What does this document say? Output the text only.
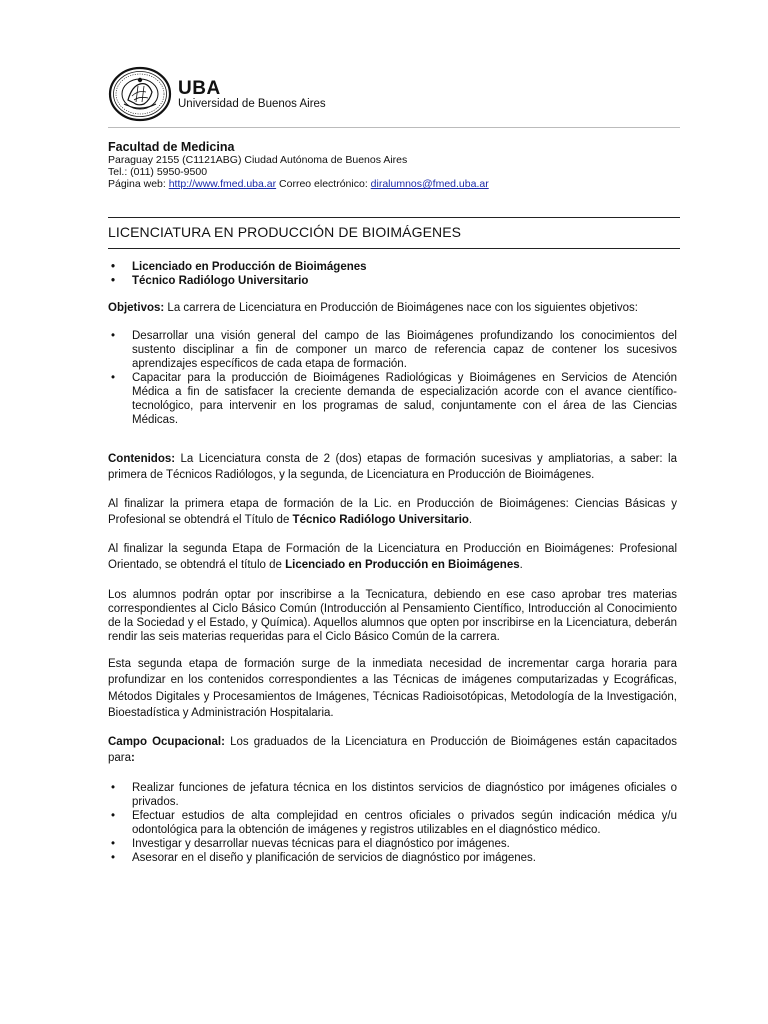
UBA
Universidad de Buenos Aires
Facultad de Medicina
Paraguay 2155 (C1121ABG) Ciudad Autónoma de Buenos Aires
Tel.: (011) 5950-9500
Página web: http://www.fmed.uba.ar Correo electrónico: diralumnos@fmed.uba.ar
LICENCIATURA EN PRODUCCIÓN DE BIOIMÁGENES
• Licenciado en Producción de Bioimágenes
• Técnico Radiólogo Universitario

Objetivos: La carrera de Licenciatura en Producción de Bioimágenes nace con los siguientes objetivos:

• Desarrollar una visión general del campo de las Bioimágenes profundizando los conocimientos del sustento disciplinar a fin de componer un marco de referencia capaz de contener los sucesivos aprendizajes específicos de cada etapa de formación.
• Capacitar para la producción de Bioimágenes Radiológicas y Bioimágenes en Servicios de Atención Médica a fin de satisfacer la creciente demanda de especialización acorde con el avance científico-tecnológico, para intervenir en los programas de salud, conjuntamente con el área de las Ciencias Médicas.

Contenidos: La Licenciatura consta de 2 (dos) etapas de formación sucesivas y ampliatorias, a saber: la primera de Técnicos Radiólogos, y la segunda, de Licenciatura en Producción de Bioimágenes.

Al finalizar la primera etapa de formación de la Lic. en Producción de Bioimágenes: Ciencias Básicas y Profesional se obtendrá el Título de Técnico Radiólogo Universitario.

Al finalizar la segunda Etapa de Formación de la Licenciatura en Producción en Bioimágenes: Profesional Orientado, se obtendrá el título de Licenciado en Producción en Bioimágenes.

Los alumnos podrán optar por inscribirse a la Tecnicatura, debiendo en ese caso aprobar tres materias correspondientes al Ciclo Básico Común (Introducción al Pensamiento Científico, Introducción al Conocimiento de la Sociedad y el Estado, y Química). Aquellos alumnos que opten por inscribirse en la Licenciatura, deberán rendir las seis materias requeridas para el Ciclo Básico Común de la carrera.

Esta segunda etapa de formación surge de la inmediata necesidad de incrementar carga horaria para profundizar en los contenidos correspondientes a las Técnicas de imágenes computarizadas y Ecográficas, Métodos Digitales y Procesamientos de Imágenes, Técnicas Radioisotópicas, Metodología de la Investigación, Bioestadística y Administración Hospitalaria.

Campo Ocupacional: Los graduados de la Licenciatura en Producción de Bioimágenes están capacitados para:

• Realizar funciones de jefatura técnica en los distintos servicios de diagnóstico por imágenes oficiales o privados.
• Efectuar estudios de alta complejidad en centros oficiales o privados según indicación médica y/u odontológica para la obtención de imágenes y registros utilizables en el diagnóstico médico.
• Investigar y desarrollar nuevas técnicas para el diagnóstico por imágenes.
• Asesorar en el diseño y planificación de servicios de diagnóstico por imágenes.
